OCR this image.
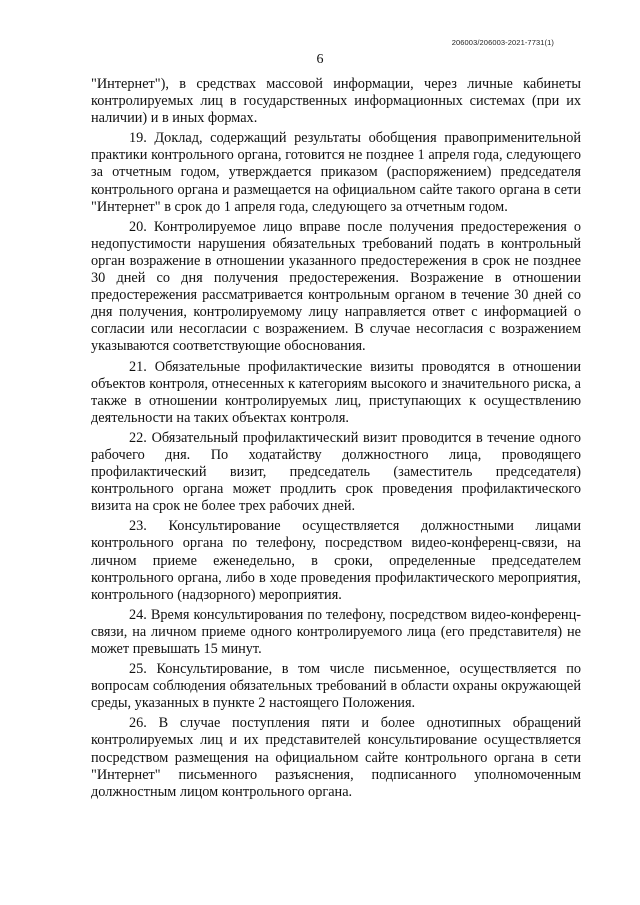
206003/206003-2021-7731(1)
6

"Интернет"), в средствах массовой информации, через личные кабинеты контролируемых лиц в государственных информационных системах (при их наличии) и в иных формах.

19. Доклад, содержащий результаты обобщения правоприменительной практики контрольного органа, готовится не позднее 1 апреля года, следующего за отчетным годом, утверждается приказом (распоряжением) председателя контрольного органа и размещается на официальном сайте такого органа в сети "Интернет" в срок до 1 апреля года, следующего за отчетным годом.

20. Контролируемое лицо вправе после получения предостережения о недопустимости нарушения обязательных требований подать в контрольный орган возражение в отношении указанного предостережения в срок не позднее 30 дней со дня получения предостережения. Возражение в отношении предостережения рассматривается контрольным органом в течение 30 дней со дня получения, контролируемому лицу направляется ответ с информацией о согласии или несогласии с возражением. В случае несогласия с возражением указываются соответствующие обоснования.

21. Обязательные профилактические визиты проводятся в отношении объектов контроля, отнесенных к категориям высокого и значительного риска, а также в отношении контролируемых лиц, приступающих к осуществлению деятельности на таких объектах контроля.

22. Обязательный профилактический визит проводится в течение одного рабочего дня. По ходатайству должностного лица, проводящего профилактический визит, председатель (заместитель председателя) контрольного органа может продлить срок проведения профилактического визита на срок не более трех рабочих дней.

23. Консультирование осуществляется должностными лицами контрольного органа по телефону, посредством видео-конференц-связи, на личном приеме еженедельно, в сроки, определенные председателем контрольного органа, либо в ходе проведения профилактического мероприятия, контрольного (надзорного) мероприятия.

24. Время консультирования по телефону, посредством видео-конференц-связи, на личном приеме одного контролируемого лица (его представителя) не может превышать 15 минут.

25. Консультирование, в том числе письменное, осуществляется по вопросам соблюдения обязательных требований в области охраны окружающей среды, указанных в пункте 2 настоящего Положения.

26. В случае поступления пяти и более однотипных обращений контролируемых лиц и их представителей консультирование осуществляется посредством размещения на официальном сайте контрольного органа в сети "Интернет" письменного разъяснения, подписанного уполномоченным должностным лицом контрольного органа.
